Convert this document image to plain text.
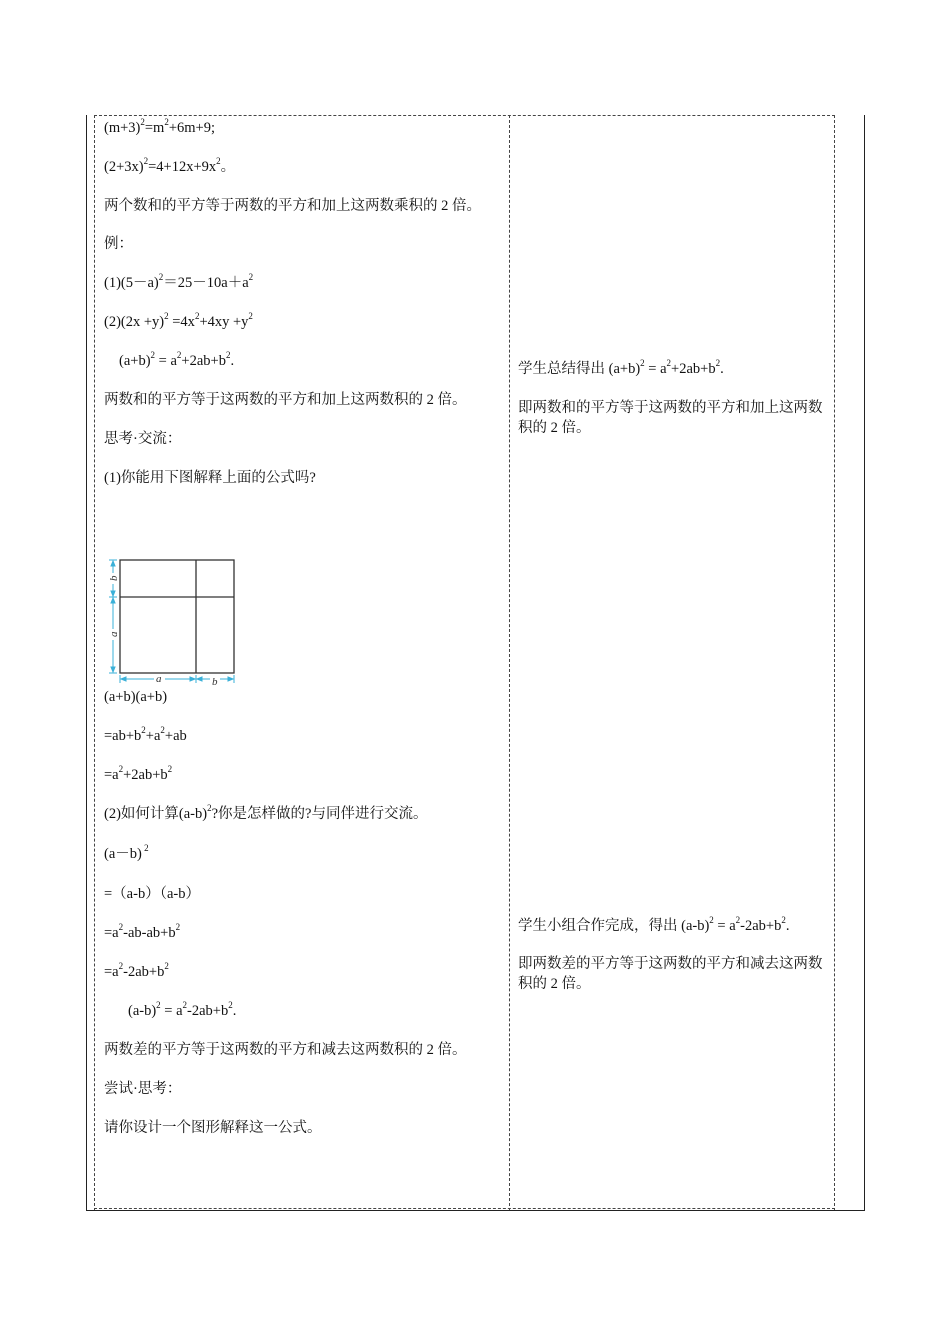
$(m+3)^2=m^2+6m+9$;

$(2+3x)^2=4+12x+9x^2$。

两个数和的平方等于两数的平方和加上这两数乘积的 2 倍。

例：

$(1)(5-a)^2=25-10a+a^2$

$(2)(2x +y)^2 =4x^2+4xy +y^2$

$(a+b)^2 = a^2+2ab+b^2$.

两数和的平方等于这两数的平方和加上这两数积的 2 倍。

思考·交流：

(1)你能用下图解释上面的公式吗?

(a+b)(a+b)

$=ab+b^2+a^2+ab$

$=a^2+2ab+b^2$

(2)如何计算$(a-b)^2$?你是怎样做的?与同伴进行交流。

(a－b) $^2$

=（a-b）（a-b）

$=a^2-ab-ab+b^2$

$=a^2-2ab+b^2$

$(a-b)^2 = a^2-2ab+b^2$.

两数差的平方等于这两数的平方和减去这两数积的 2 倍。

尝试·思考：

请你设计一个图形解释这一公式。

b
a
a	b

学生总结得出 $(a+b)^2 = a^2+2ab+b^2$.

即两数和的平方等于这两数的平方和加上这两数积的 2 倍。

学生小组合作完成，得出 $(a-b)^2 = a^2-2ab+b^2$.

即两数差的平方等于这两数的平方和减去这两数积的 2 倍。
